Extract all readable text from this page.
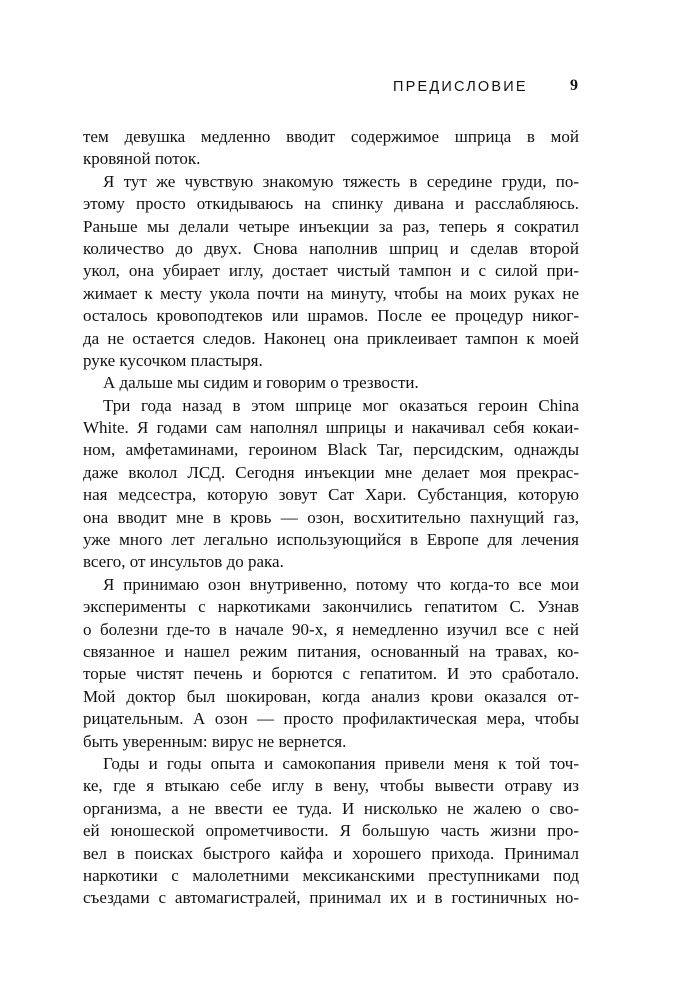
ПРЕДИСЛОВИЕ	9
тем девушка медленно вводит содержимое шприца в мой
кровяной поток.
Я тут же чувствую знакомую тяжесть в середине груди, по-
этому просто откидываюсь на спинку дивана и расслабляюсь.
Раньше мы делали четыре инъекции за раз, теперь я сократил
количество до двух. Снова наполнив шприц и сделав второй
укол, она убирает иглу, достает чистый тампон и с силой при-
жимает к месту укола почти на минуту, чтобы на моих руках не
осталось кровоподтеков или шрамов. После ее процедур никог-
да не остается следов. Наконец она приклеивает тампон к моей
руке кусочком пластыря.
А дальше мы сидим и говорим о трезвости.
Три года назад в этом шприце мог оказаться героин China
White. Я годами сам наполнял шприцы и накачивал себя кокаи-
ном, амфетаминами, героином Black Tar, персидским, однажды
даже вколол ЛСД. Сегодня инъекции мне делает моя прекрас-
ная медсестра, которую зовут Сат Хари. Субстанция, которую
она вводит мне в кровь — озон, восхитительно пахнущий газ,
уже много лет легально использующийся в Европе для лечения
всего, от инсультов до рака.
Я принимаю озон внутривенно, потому что когда-то все мои
эксперименты с наркотиками закончились гепатитом С. Узнав
о болезни где-то в начале 90-х, я немедленно изучил все с ней
связанное и нашел режим питания, основанный на травах, ко-
торые чистят печень и борются с гепатитом. И это сработало.
Мой доктор был шокирован, когда анализ крови оказался от-
рицательным. А озон — просто профилактическая мера, чтобы
быть уверенным: вирус не вернется.
Годы и годы опыта и самокопания привели меня к той точ-
ке, где я втыкаю себе иглу в вену, чтобы вывести отраву из
организма, а не ввести ее туда. И нисколько не жалею о сво-
ей юношеской опрометчивости. Я большую часть жизни про-
вел в поисках быстрого кайфа и хорошего прихода. Принимал
наркотики с малолетними мексиканскими преступниками под
съездами с автомагистралей, принимал их и в гостиничных но-
